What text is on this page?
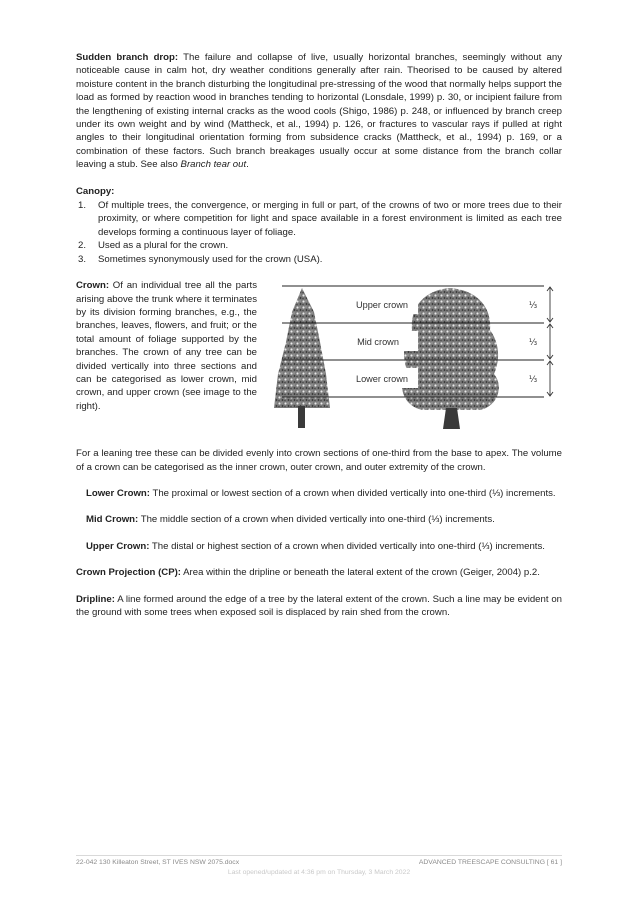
Sudden branch drop: The failure and collapse of live, usually horizontal branches, seemingly without any noticeable cause in calm hot, dry weather conditions generally after rain. Theorised to be caused by altered moisture content in the branch disturbing the longitudinal pre-stressing of the wood that normally helps support the load as formed by reaction wood in branches tending to horizontal (Lonsdale, 1999) p. 30, or incipient failure from the lengthening of existing internal cracks as the wood cools (Shigo, 1986) p. 248, or influenced by branch creep under its own weight and by wind (Mattheck, et al., 1994) p. 126, or fractures to vascular rays if pulled at right angles to their longitudinal orientation forming from subsidence cracks (Mattheck, et al., 1994) p. 169, or a combination of these factors. Such branch breakages usually occur at some distance from the branch collar leaving a stub. See also Branch tear out.

Canopy:
1.	Of multiple trees, the convergence, or merging in full or part, of the crowns of two or more trees due to their proximity, or where competition for light and space available in a forest environment is limited as each tree develops forming a continuous layer of foliage.
2.	Used as a plural for the crown.
3.	Sometimes synonymously used for the crown (USA).

Crown: Of an individual tree all the parts arising above the trunk where it terminates by its division forming branches, e.g., the branches, leaves, flowers, and fruit; or the total amount of foliage supported by the branches. The crown of any tree can be divided vertically into three sections and can be categorised as lower crown, mid crown, and upper crown (see image to the right).

Upper crown
Mid crown
Lower crown
⅓
⅓
⅓

For a leaning tree these can be divided evenly into crown sections of one-third from the base to apex. The volume of a crown can be categorised as the inner crown, outer crown, and outer extremity of the crown.

Lower Crown: The proximal or lowest section of a crown when divided vertically into one-third (⅓) increments.

Mid Crown: The middle section of a crown when divided vertically into one-third (⅓) increments.

Upper Crown: The distal or highest section of a crown when divided vertically into one-third (⅓) increments.

Crown Projection (CP): Area within the dripline or beneath the lateral extent of the crown (Geiger, 2004) p.2.

Dripline: A line formed around the edge of a tree by the lateral extent of the crown. Such a line may be evident on the ground with some trees when exposed soil is displaced by rain shed from the crown.

22-042 130 Killeaton Street, ST IVES NSW 2075.docx	ADVANCED TREESCAPE CONSULTING [ 61 ]
Last opened/updated at 4:36 pm on Thursday, 3 March 2022
